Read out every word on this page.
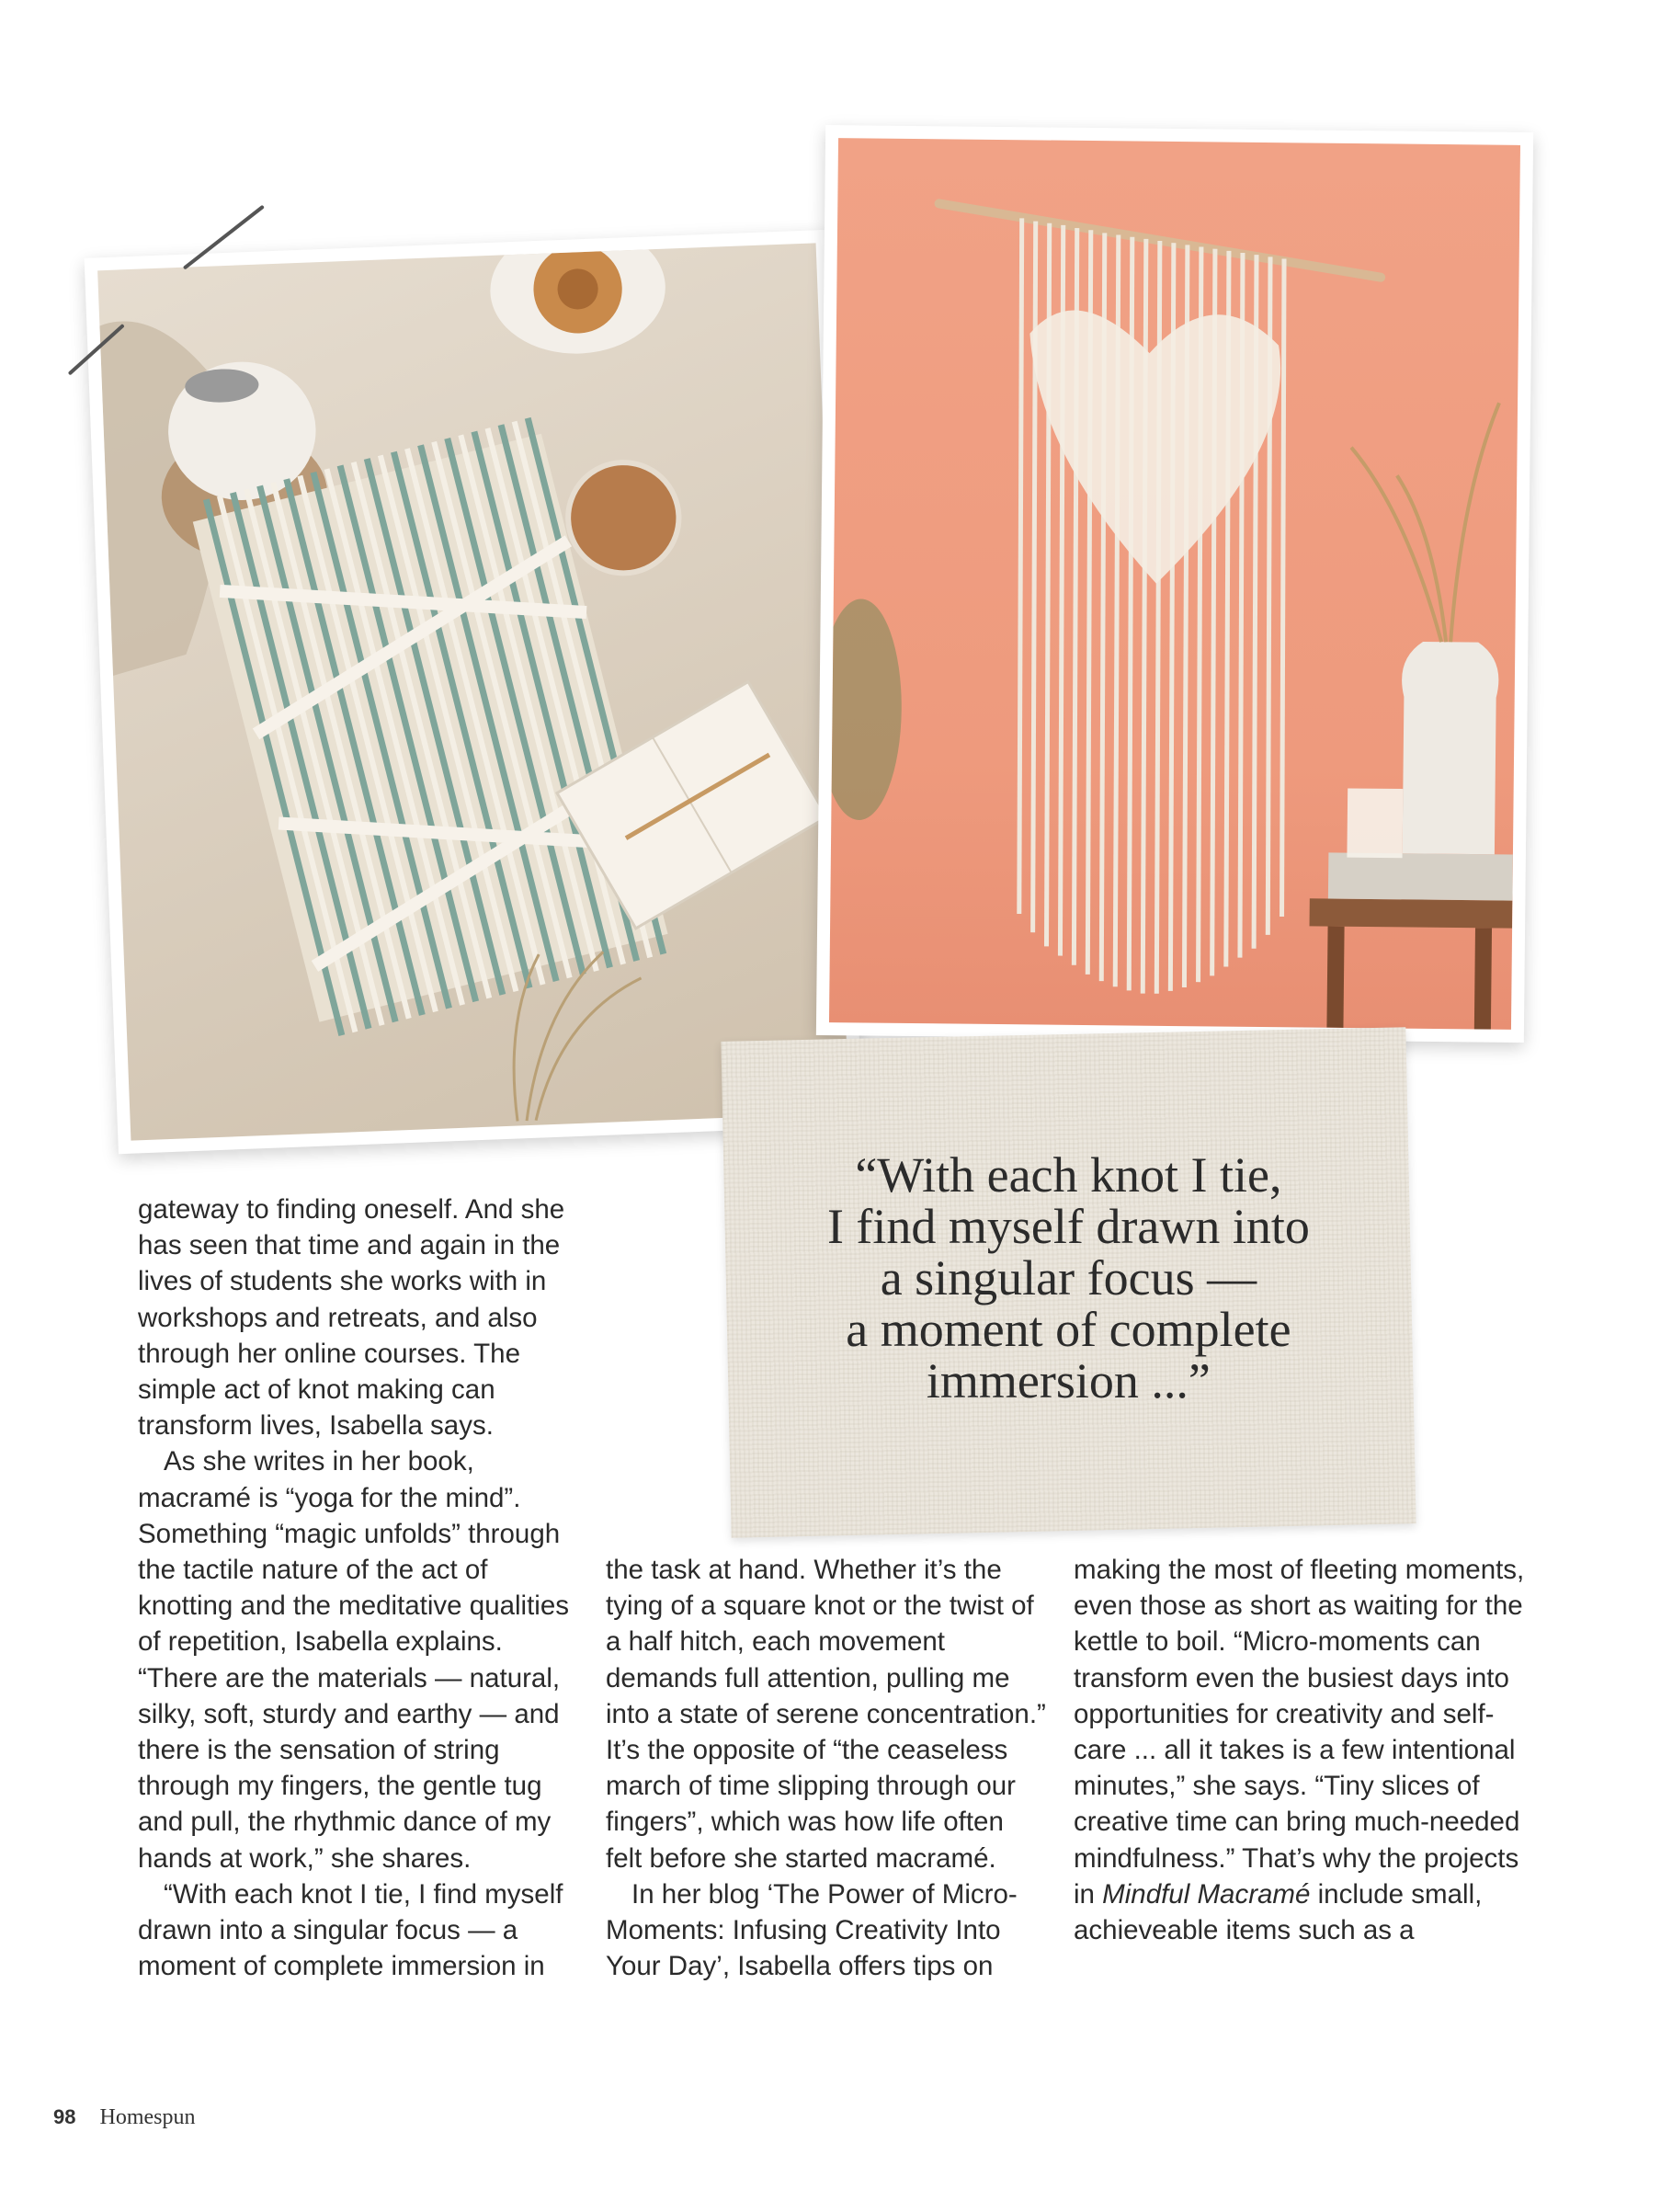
“With each knot I tie,
I find myself drawn into
a singular focus —
a moment of complete
immersion ...”

gateway to finding oneself. And she has seen that time and again in the lives of students she works with in workshops and retreats, and also through her online courses. The simple act of knot making can transform lives, Isabella says.

As she writes in her book, macramé is “yoga for the mind”. Something “magic unfolds” through the tactile nature of the act of knotting and the meditative qualities of repetition, Isabella explains. “There are the materials — natural, silky, soft, sturdy and earthy — and there is the sensation of string through my fingers, the gentle tug and pull, the rhythmic dance of my hands at work,” she shares.

“With each knot I tie, I find myself drawn into a singular focus — a moment of complete immersion in

the task at hand. Whether it’s the tying of a square knot or the twist of a half hitch, each movement demands full attention, pulling me into a state of serene concentration.” It’s the opposite of “the ceaseless march of time slipping through our fingers”, which was how life often felt before she started macramé.

In her blog ‘The Power of Micro-Moments: Infusing Creativity Into Your Day’, Isabella offers tips on

making the most of fleeting moments, even those as short as waiting for the kettle to boil. “Micro-moments can transform even the busiest days into opportunities for creativity and self-care ... all it takes is a few intentional minutes,” she says. “Tiny slices of creative time can bring much-needed mindfulness.” That’s why the projects in Mindful Macramé include small, achieveable items such as a

98 Homespun
